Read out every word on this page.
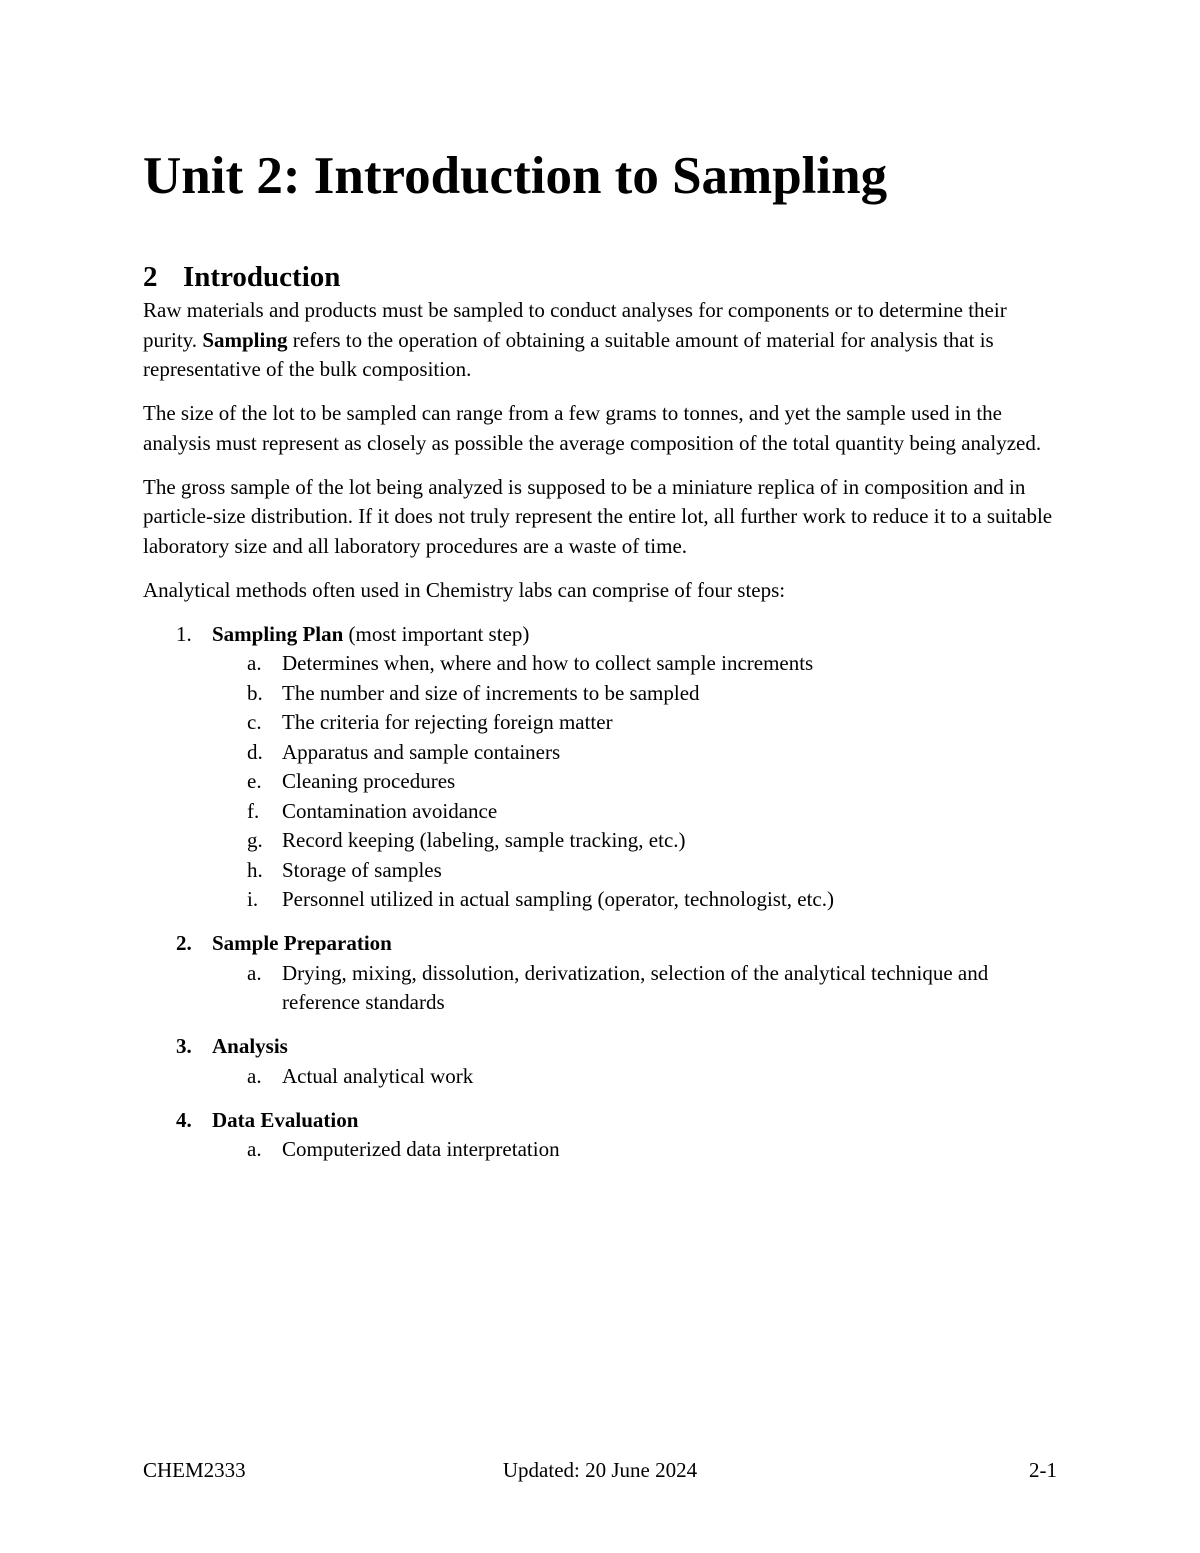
Unit 2: Introduction to Sampling
2 Introduction

Raw materials and products must be sampled to conduct analyses for components or to determine their purity. Sampling refers to the operation of obtaining a suitable amount of material for analysis that is representative of the bulk composition.

The size of the lot to be sampled can range from a few grams to tonnes, and yet the sample used in the analysis must represent as closely as possible the average composition of the total quantity being analyzed.

The gross sample of the lot being analyzed is supposed to be a miniature replica of in composition and in particle-size distribution. If it does not truly represent the entire lot, all further work to reduce it to a suitable laboratory size and all laboratory procedures are a waste of time.

Analytical methods often used in Chemistry labs can comprise of four steps:

1. Sampling Plan (most important step)
a. Determines when, where and how to collect sample increments
b. The number and size of increments to be sampled
c. The criteria for rejecting foreign matter
d. Apparatus and sample containers
e. Cleaning procedures
f. Contamination avoidance
g. Record keeping (labeling, sample tracking, etc.)
h. Storage of samples
i. Personnel utilized in actual sampling (operator, technologist, etc.)
2. Sample Preparation
a. Drying, mixing, dissolution, derivatization, selection of the analytical technique and reference standards
3. Analysis
a. Actual analytical work
4. Data Evaluation
a. Computerized data interpretation
CHEM2333	Updated: 20 June 2024	2-1
